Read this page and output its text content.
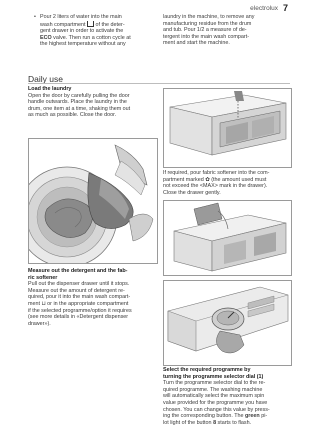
electrolux 7
• Pour 2 liters of water into the main
wash compartment  of the deter-
gent drawer in order to activate the
ECO valve. Then run a cotton cycle at
the highest temperature without any
laundry in the machine, to remove any
manufacturing residue from the drum
and tub. Pour 1/2 a measure of de-
tergent into the main wash compart-
ment and start the machine.
Daily use
Load the laundry
Open the door by carefully pulling the door
handle outwards. Place the laundry in the
drum, one item at a time, shaking them out
as much as possible. Close the door.
If required, pour fabric softener into the com-
partment marked ✿ (the amount used must
not exceed the <MAX> mark in the drawer).
Close the drawer gently.
Measure out the detergent and the fab-
ric softener
Pull out the dispenser drawer until it stops.
Measure out the amount of detergent re-
quired, pour it into the main wash compart-
ment ⊔ or in the appropriate compartment
if the selected programme/option it requires
(see more details in «Detergent dispenser
drawer»).
Select the required programme by
turning the programme selector dial (1)
Turn the programme selector dial to the re-
quired programme. The washing machine
will automatically select the maximum spin
value provided for the programme you have
chosen. You can change this value by press-
ing the corresponding button. The green pi-
lot light of the button 8 starts to flash.
